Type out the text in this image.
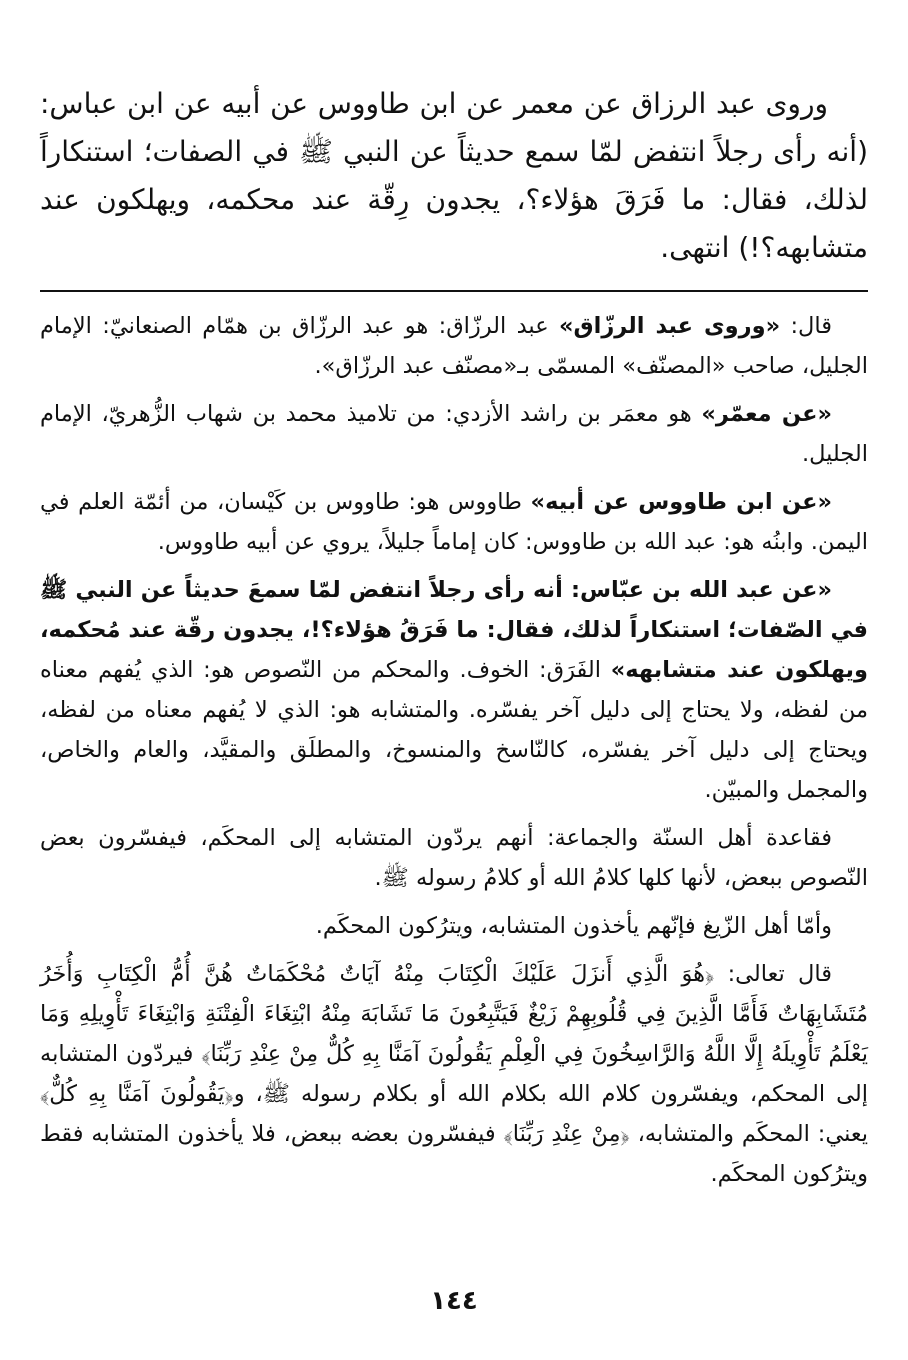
وروى عبد الرزاق عن معمر عن ابن طاووس عن أبيه عن ابن عباس: (أنه رأى رجلاً انتفض لمّا سمع حديثاً عن النبي ﷺ في الصفات؛ استنكاراً لذلك، فقال: ما فَرَقَ هؤلاء؟، يجدون رِقّة عند محكمه، ويهلكون عند متشابهه؟!) انتهى.

قال: «وروى عبد الرزّاق» عبد الرزّاق: هو عبد الرزّاق بن همّام الصنعانيّ: الإمام الجليل، صاحب «المصنّف» المسمّى بـ«مصنّف عبد الرزّاق».

«عن معمّر» هو معمَر بن راشد الأزدي: من تلاميذ محمد بن شهاب الزُّهريّ، الإمام الجليل.

«عن ابن طاووس عن أبيه» طاووس هو: طاووس بن كَيْسان، من أئمّة العلم في اليمن. وابنُه هو: عبد الله بن طاووس: كان إماماً جليلاً، يروي عن أبيه طاووس.

«عن عبد الله بن عبّاس: أنه رأى رجلاً انتفض لمّا سمعَ حديثاً عن النبي ﷺ في الصّفات؛ استنكاراً لذلك، فقال: ما فَرَقُ هؤلاء؟!، يجدون رقّة عند مُحكمه، ويهلكون عند متشابهه» الفَرَق: الخوف. والمحكم من النّصوص هو: الذي يُفهم معناه من لفظه، ولا يحتاج إلى دليل آخر يفسّره. والمتشابه هو: الذي لا يُفهم معناه من لفظه، ويحتاج إلى دليل آخر يفسّره، كالنّاسخ والمنسوخ، والمطلَق والمقيَّد، والعام والخاص، والمجمل والمبيّن.

فقاعدة أهل السنّة والجماعة: أنهم يردّون المتشابه إلى المحكَم، فيفسّرون بعض النّصوص ببعض، لأنها كلها كلامُ الله أو كلامُ رسوله ﷺ.

وأمّا أهل الزّيغ فإنّهم يأخذون المتشابه، ويترُكون المحكَم.

قال تعالى: ﴿هُوَ الَّذِي أَنزَلَ عَلَيْكَ الْكِتَابَ مِنْهُ آيَاتٌ مُحْكَمَاتٌ هُنَّ أُمُّ الْكِتَابِ وَأُخَرُ مُتَشَابِهَاتٌ فَأَمَّا الَّذِينَ فِي قُلُوبِهِمْ زَيْغٌ فَيَتَّبِعُونَ مَا تَشَابَهَ مِنْهُ ابْتِغَاءَ الْفِتْنَةِ وَابْتِغَاءَ تَأْوِيلِهِ وَمَا يَعْلَمُ تَأْوِيلَهُ إِلَّا اللَّهُ وَالرَّاسِخُونَ فِي الْعِلْمِ يَقُولُونَ آمَنَّا بِهِ كُلٌّ مِنْ عِنْدِ رَبِّنَا﴾ فيردّون المتشابه إلى المحكم، ويفسّرون كلام الله بكلام الله أو بكلام رسوله ﷺ، و﴿يَقُولُونَ آمَنَّا بِهِ كُلٌّ﴾ يعني: المحكَم والمتشابه، ﴿مِنْ عِنْدِ رَبِّنَا﴾ فيفسّرون بعضه ببعض، فلا يأخذون المتشابه فقط ويترُكون المحكَم.

١٤٤
